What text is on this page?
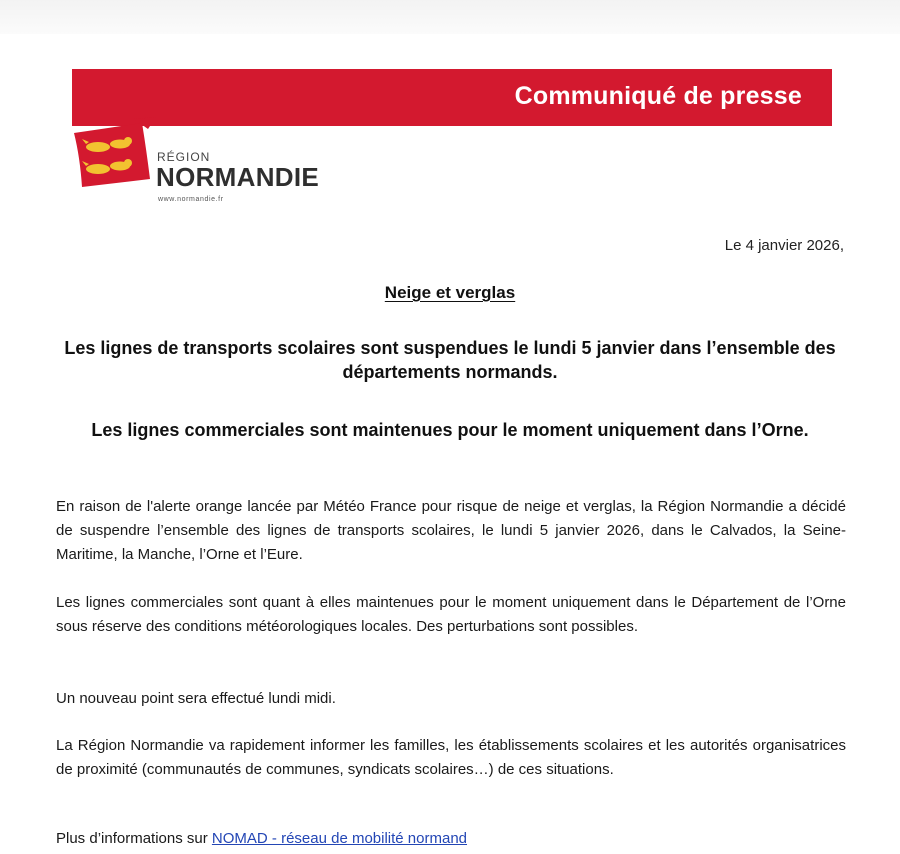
Communiqué de presse
RÉGION
NORMANDIE
www.normandie.fr
Le 4 janvier 2026,
Neige et verglas
Les lignes de transports scolaires sont suspendues le lundi 5 janvier dans l’ensemble des départements normands.
Les lignes commerciales sont maintenues pour le moment uniquement dans l’Orne.
En raison de l'alerte orange lancée par Météo France pour risque de neige et verglas, la Région Normandie a décidé de suspendre l’ensemble des lignes de transports scolaires, le lundi 5 janvier 2026, dans le Calvados, la Seine-Maritime, la Manche, l’Orne et l’Eure.
Les lignes commerciales sont quant à elles maintenues pour le moment uniquement dans le Département de l’Orne sous réserve des conditions météorologiques locales. Des perturbations sont possibles.
Un nouveau point sera effectué lundi midi.
La Région Normandie va rapidement informer les familles, les établissements scolaires et les autorités organisatrices de proximité (communautés de communes, syndicats scolaires…) de ces situations.
Plus d’informations sur NOMAD - réseau de mobilité normand
